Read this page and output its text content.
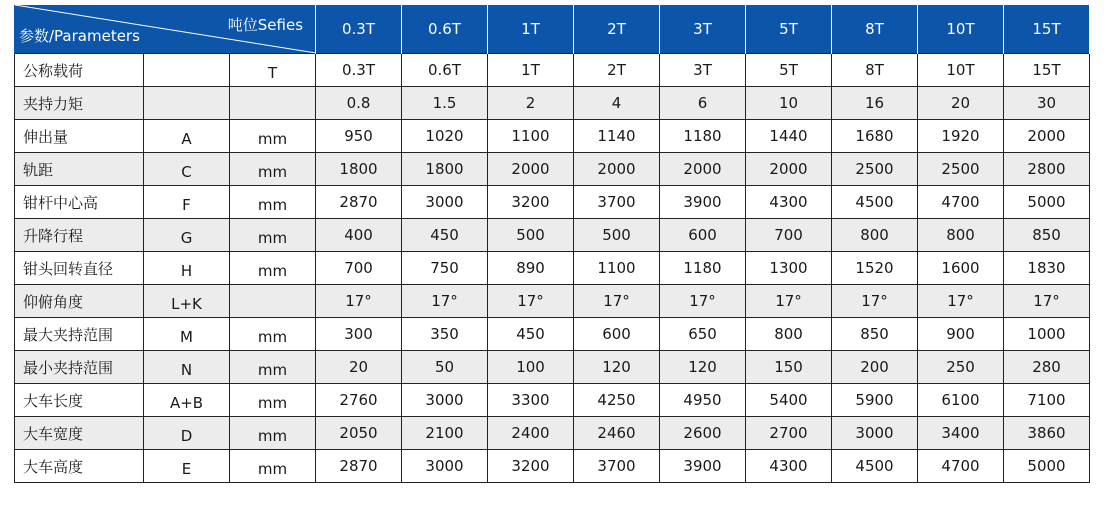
吨位Sefies
参数/Parameters			0.3T	0.6T	1T	2T	3T	5T	8T	10T	15T
公称载荷		T	0.3T	0.6T	1T	2T	3T	5T	8T	10T	15T
夹持力矩			0.8	1.5	2	4	6	10	16	20	30
伸出量	A	mm	950	1020	1100	1140	1180	1440	1680	1920	2000
轨距	C	mm	1800	1800	2000	2000	2000	2000	2500	2500	2800
钳杆中心高	F	mm	2870	3000	3200	3700	3900	4300	4500	4700	5000
升降行程	G	mm	400	450	500	500	600	700	800	800	850
钳头回转直径	H	mm	700	750	890	1100	1180	1300	1520	1600	1830
仰俯角度	L+K		17°	17°	17°	17°	17°	17°	17°	17°	17°
最大夹持范围	M	mm	300	350	450	600	650	800	850	900	1000
最小夹持范围	N	mm	20	50	100	120	120	150	200	250	280
大车长度	A+B	mm	2760	3000	3300	4250	4950	5400	5900	6100	7100
大车宽度	D	mm	2050	2100	2400	2460	2600	2700	3000	3400	3860
大车高度	E	mm	2870	3000	3200	3700	3900	4300	4500	4700	5000
